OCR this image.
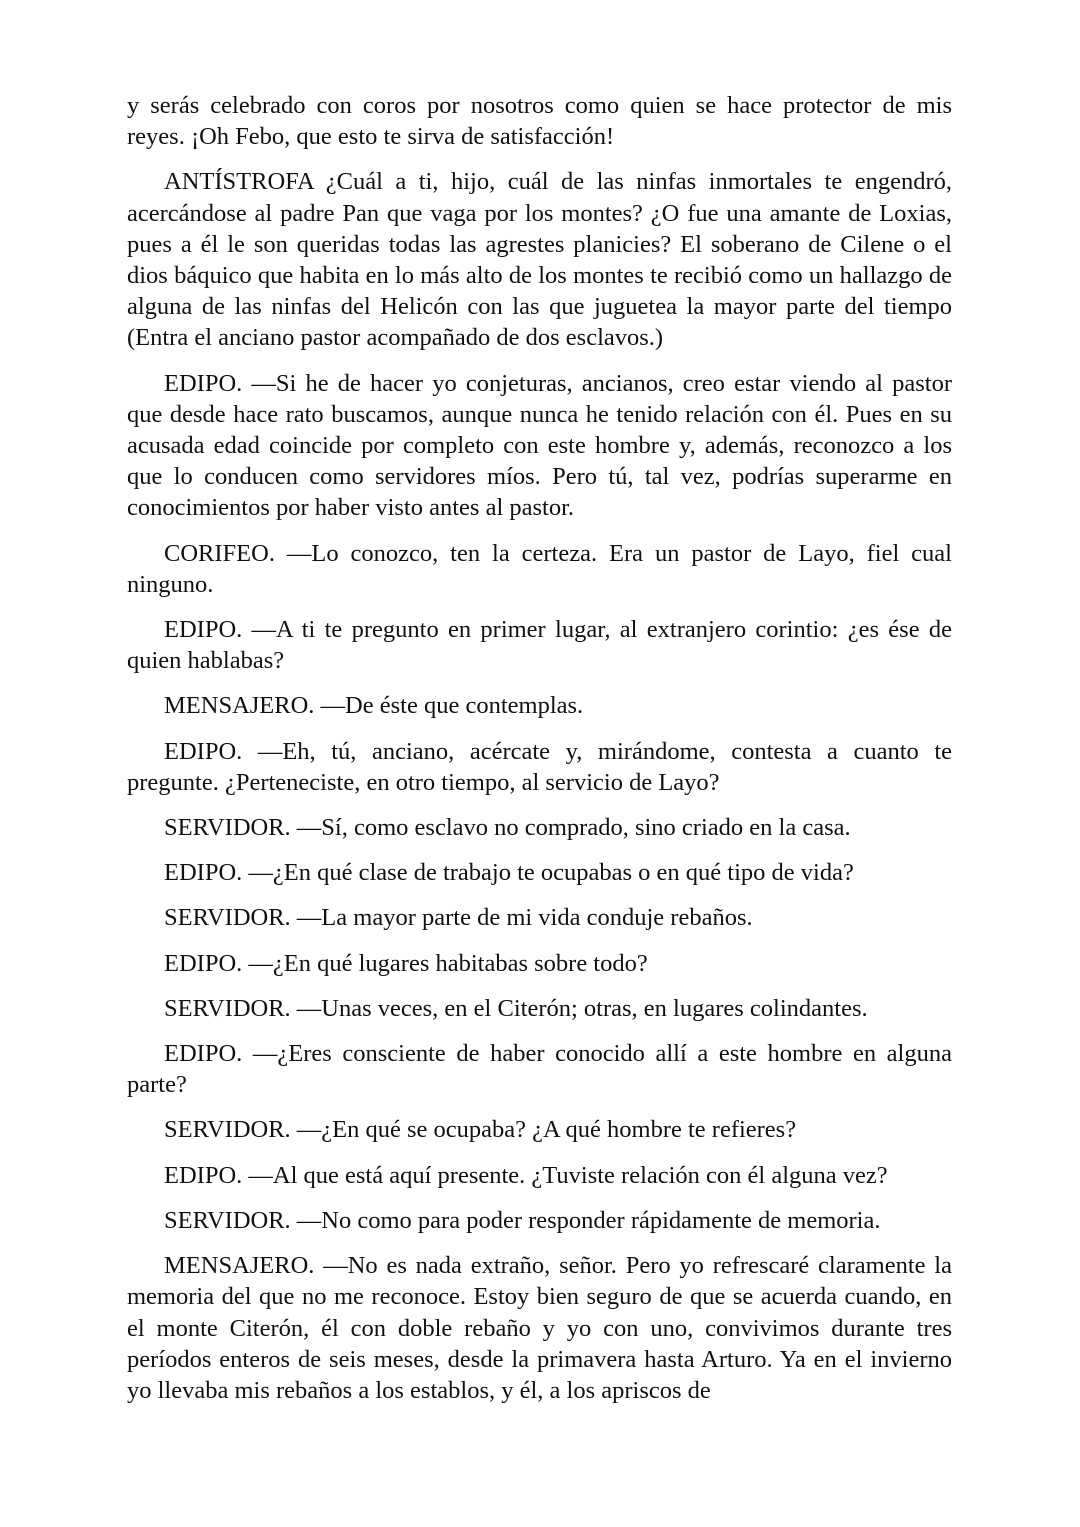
y serás celebrado con coros por nosotros como quien se hace protector de mis reyes. ¡Oh Febo, que esto te sirva de satisfacción!

ANTÍSTROFA ¿Cuál a ti, hijo, cuál de las ninfas inmortales te engendró, acercándose al padre Pan que vaga por los montes? ¿O fue una amante de Loxias, pues a él le son queridas todas las agrestes planicies? El soberano de Cilene o el dios báquico que habita en lo más alto de los montes te recibió como un hallazgo de alguna de las ninfas del Helicón con las que juguetea la mayor parte del tiempo (Entra el anciano pastor acompañado de dos esclavos.)

EDIPO. —Si he de hacer yo conjeturas, ancianos, creo estar viendo al pastor que desde hace rato buscamos, aunque nunca he tenido relación con él. Pues en su acusada edad coincide por completo con este hombre y, además, reconozco a los que lo conducen como servidores míos. Pero tú, tal vez, podrías superarme en conocimientos por haber visto antes al pastor.

CORIFEO. —Lo conozco, ten la certeza. Era un pastor de Layo, fiel cual ninguno.

EDIPO. —A ti te pregunto en primer lugar, al extranjero corintio: ¿es ése de quien hablabas?

MENSAJERO. —De éste que contemplas.

EDIPO. —Eh, tú, anciano, acércate y, mirándome, contesta a cuanto te pregunte. ¿Perteneciste, en otro tiempo, al servicio de Layo?

SERVIDOR. —Sí, como esclavo no comprado, sino criado en la casa.

EDIPO. —¿En qué clase de trabajo te ocupabas o en qué tipo de vida?

SERVIDOR. —La mayor parte de mi vida conduje rebaños.

EDIPO. —¿En qué lugares habitabas sobre todo?

SERVIDOR. —Unas veces, en el Citerón; otras, en lugares colindantes.

EDIPO. —¿Eres consciente de haber conocido allí a este hombre en alguna parte?

SERVIDOR. —¿En qué se ocupaba? ¿A qué hombre te refieres?

EDIPO. —Al que está aquí presente. ¿Tuviste relación con él alguna vez?

SERVIDOR. —No como para poder responder rápidamente de memoria.

MENSAJERO. —No es nada extraño, señor. Pero yo refrescaré claramente la memoria del que no me reconoce. Estoy bien seguro de que se acuerda cuando, en el monte Citerón, él con doble rebaño y yo con uno, convivimos durante tres períodos enteros de seis meses, desde la primavera hasta Arturo. Ya en el invierno yo llevaba mis rebaños a los establos, y él, a los apriscos de
